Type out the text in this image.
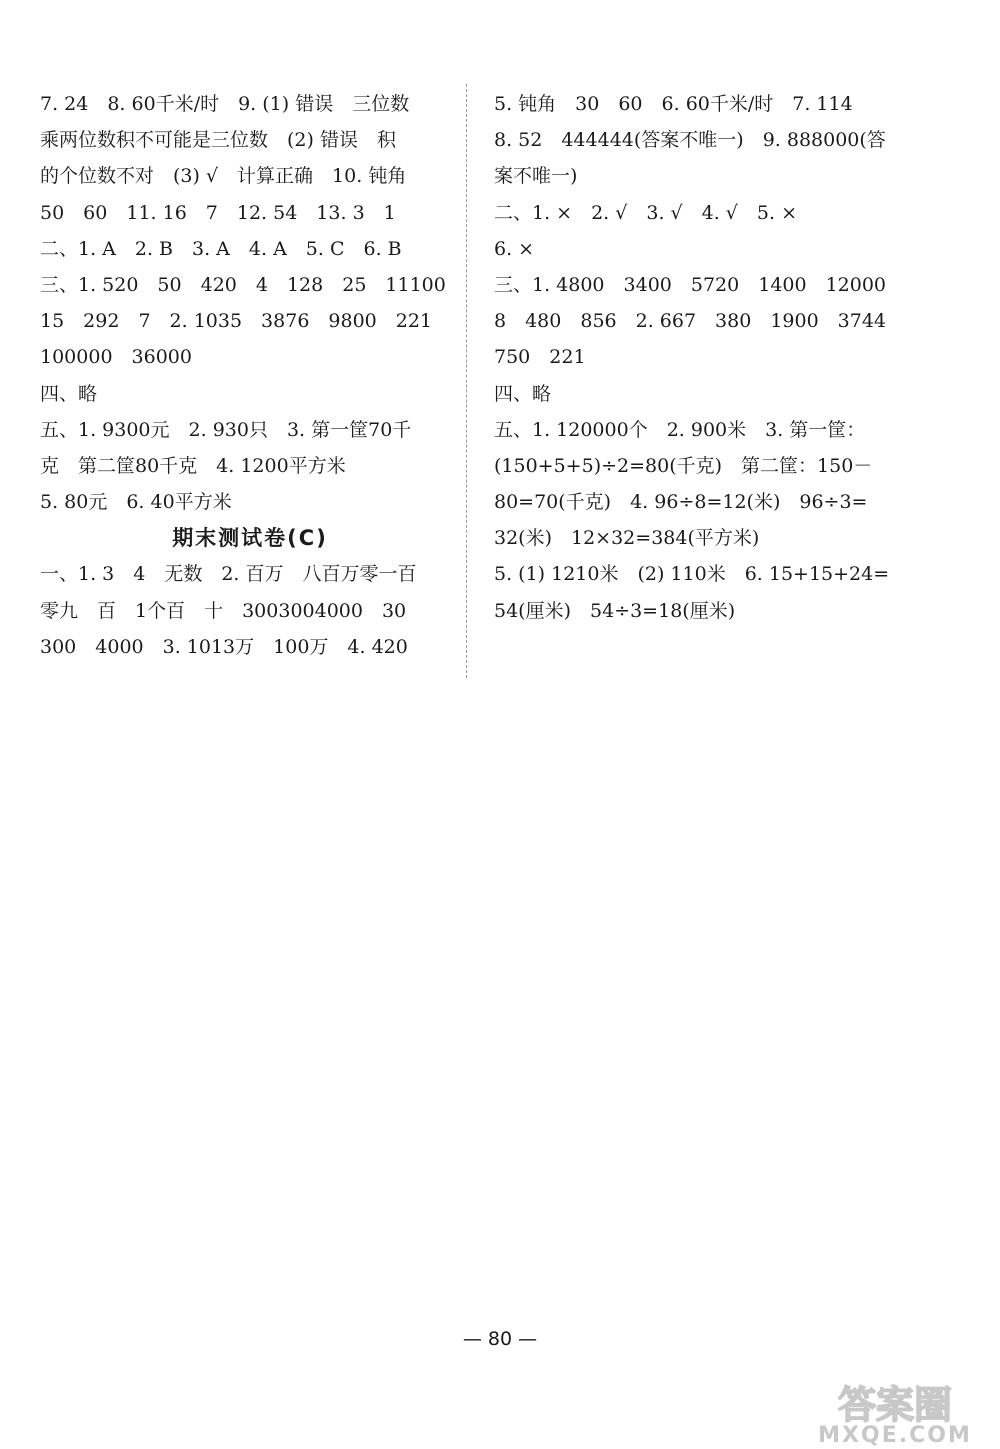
7. 24　8. 60千米/时　9. (1) 错误　三位数
乘两位数积不可能是三位数　(2) 错误　积
的个位数不对　(3) √　计算正确　10. 钝角
50　60　11. 16　7　12. 54　13. 3　1
二、1. A　2. B　3. A　4. A　5. C　6. B
三、1. 520　50　420　4　128　25　11100
15　292　7　2. 1035　3876　9800　221
100000　36000
四、略
五、1. 9300元　2. 930只　3. 第一筐70千
克　第二筐80千克　4. 1200平方米
5. 80元　6. 40平方米
期末测试卷(C)
一、1. 3　4　无数　2. 百万　八百万零一百
零九　百　1个百　十　3003004000　30
300　4000　3. 1013万　100万　4. 420
5. 钝角　30　60　6. 60千米/时　7. 114
8. 52　444444(答案不唯一)　9. 888000(答
案不唯一)
二、1. ×　2. √　3. √　4. √　5. ×
6. ×
三、1. 4800　3400　5720　1400　12000
8　480　856　2. 667　380　1900　3744
750　221
四、略
五、1. 120000个　2. 900米　3. 第一筐：
(150+5+5)÷2=80(千克)　第二筐：150－
80=70(千克)　4. 96÷8=12(米)　96÷3=
32(米)　12×32=384(平方米)
5. (1) 1210米　(2) 110米　6. 15+15+24=
54(厘米)　54÷3=18(厘米)
— 80 —
答案圈
MXQE.COM
